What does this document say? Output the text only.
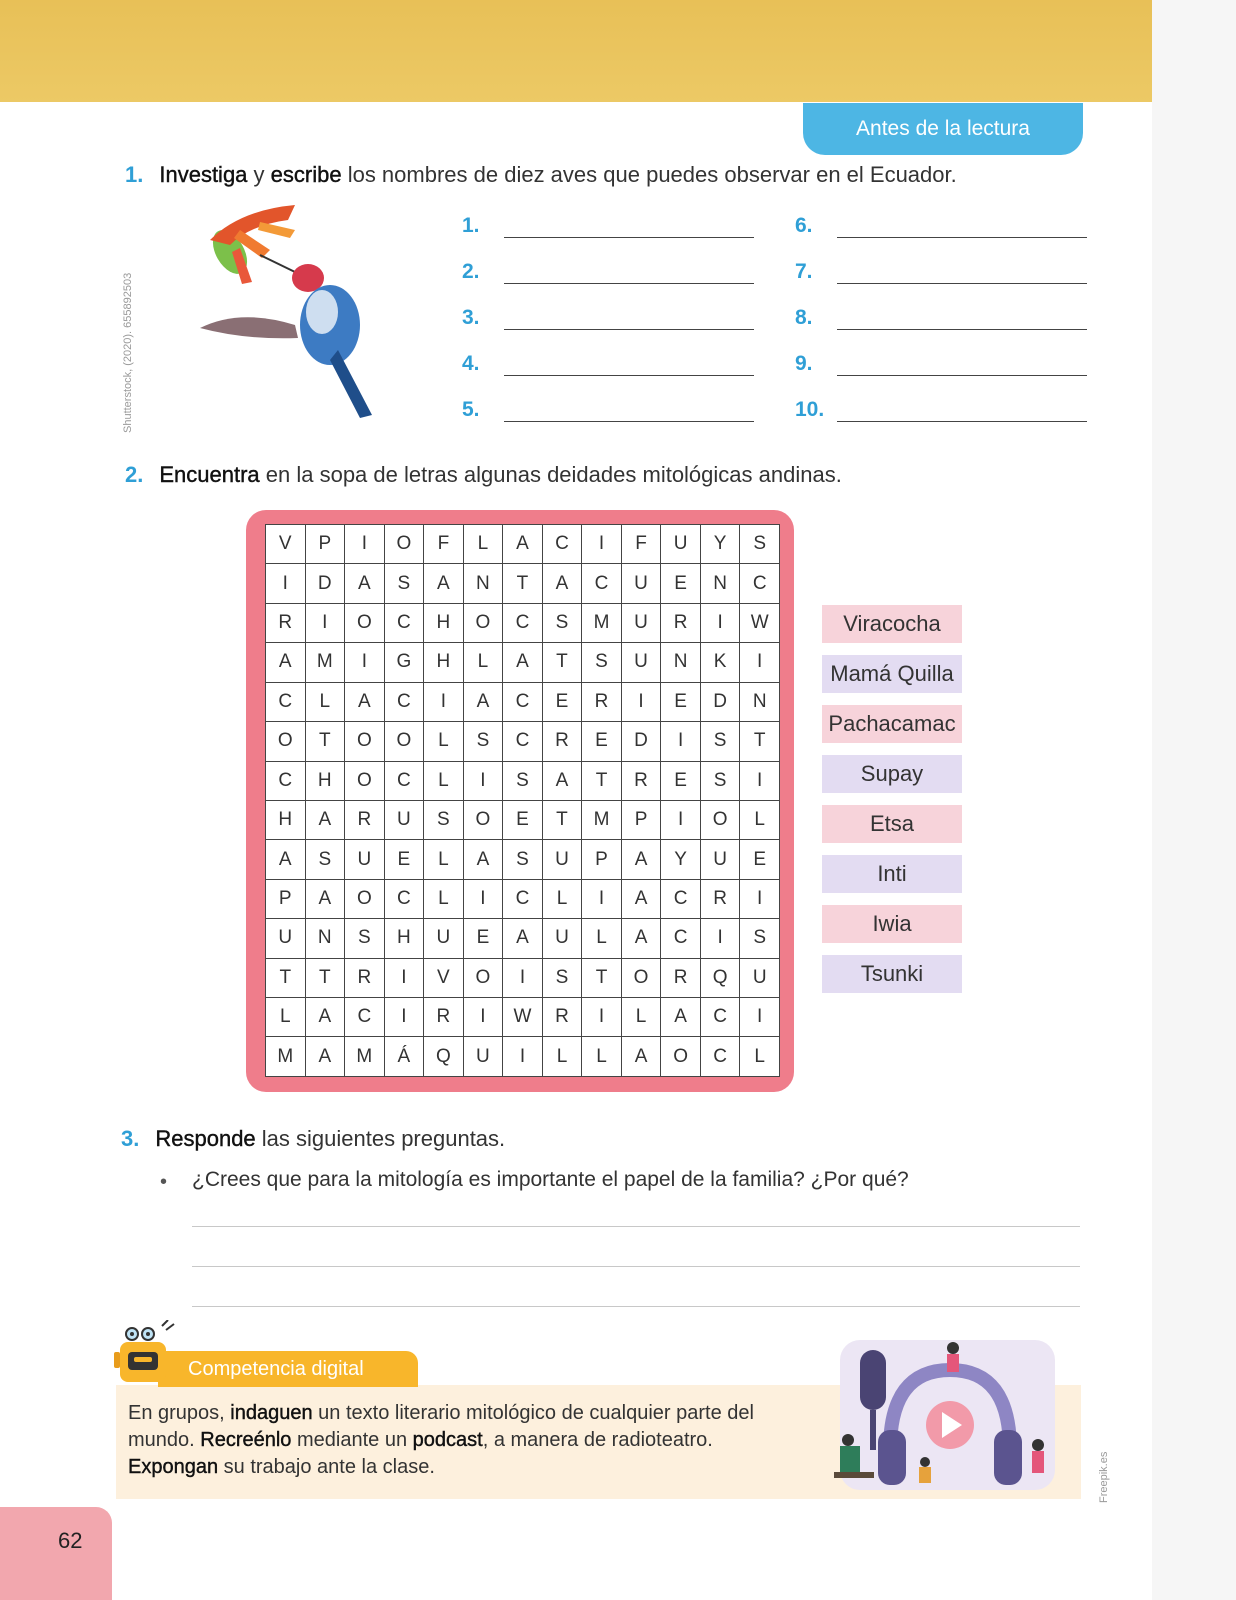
Antes de la lectura
1. Investiga y escribe los nombres de diez aves que puedes observar en el Ecuador.
Shutterstock, (2020). 655892503
1.
2.
3.
4.
5.
6.
7.
8.
9.
10.
2. Encuentra en la sopa de letras algunas deidades mitológicas andinas.
V	P	I	O	F	L	A	C	I	F	U	Y	S
I	D	A	S	A	N	T	A	C	U	E	N	C
R	I	O	C	H	O	C	S	M	U	R	I	W
A	M	I	G	H	L	A	T	S	U	N	K	I
C	L	A	C	I	A	C	E	R	I	E	D	N
O	T	O	O	L	S	C	R	E	D	I	S	T
C	H	O	C	L	I	S	A	T	R	E	S	I
H	A	R	U	S	O	E	T	M	P	I	O	L
A	S	U	E	L	A	S	U	P	A	Y	U	E
P	A	O	C	L	I	C	L	I	A	C	R	I
U	N	S	H	U	E	A	U	L	A	C	I	S
T	T	R	I	V	O	I	S	T	O	R	Q	U
L	A	C	I	R	I	W	R	I	L	A	C	I
M	A	M	Á	Q	U	I	L	L	A	O	C	L
Viracocha
Mamá Quilla
Pachacamac
Supay
Etsa
Inti
Iwia
Tsunki
3. Responde las siguientes preguntas.
• ¿Crees que para la mitología es importante el papel de la familia? ¿Por qué?
Competencia digital
En grupos, indaguen un texto literario mitológico de cualquier parte del mundo. Recreénlo mediante un podcast, a manera de radioteatro. Expongan su trabajo ante la clase.	Freepik.es
62
